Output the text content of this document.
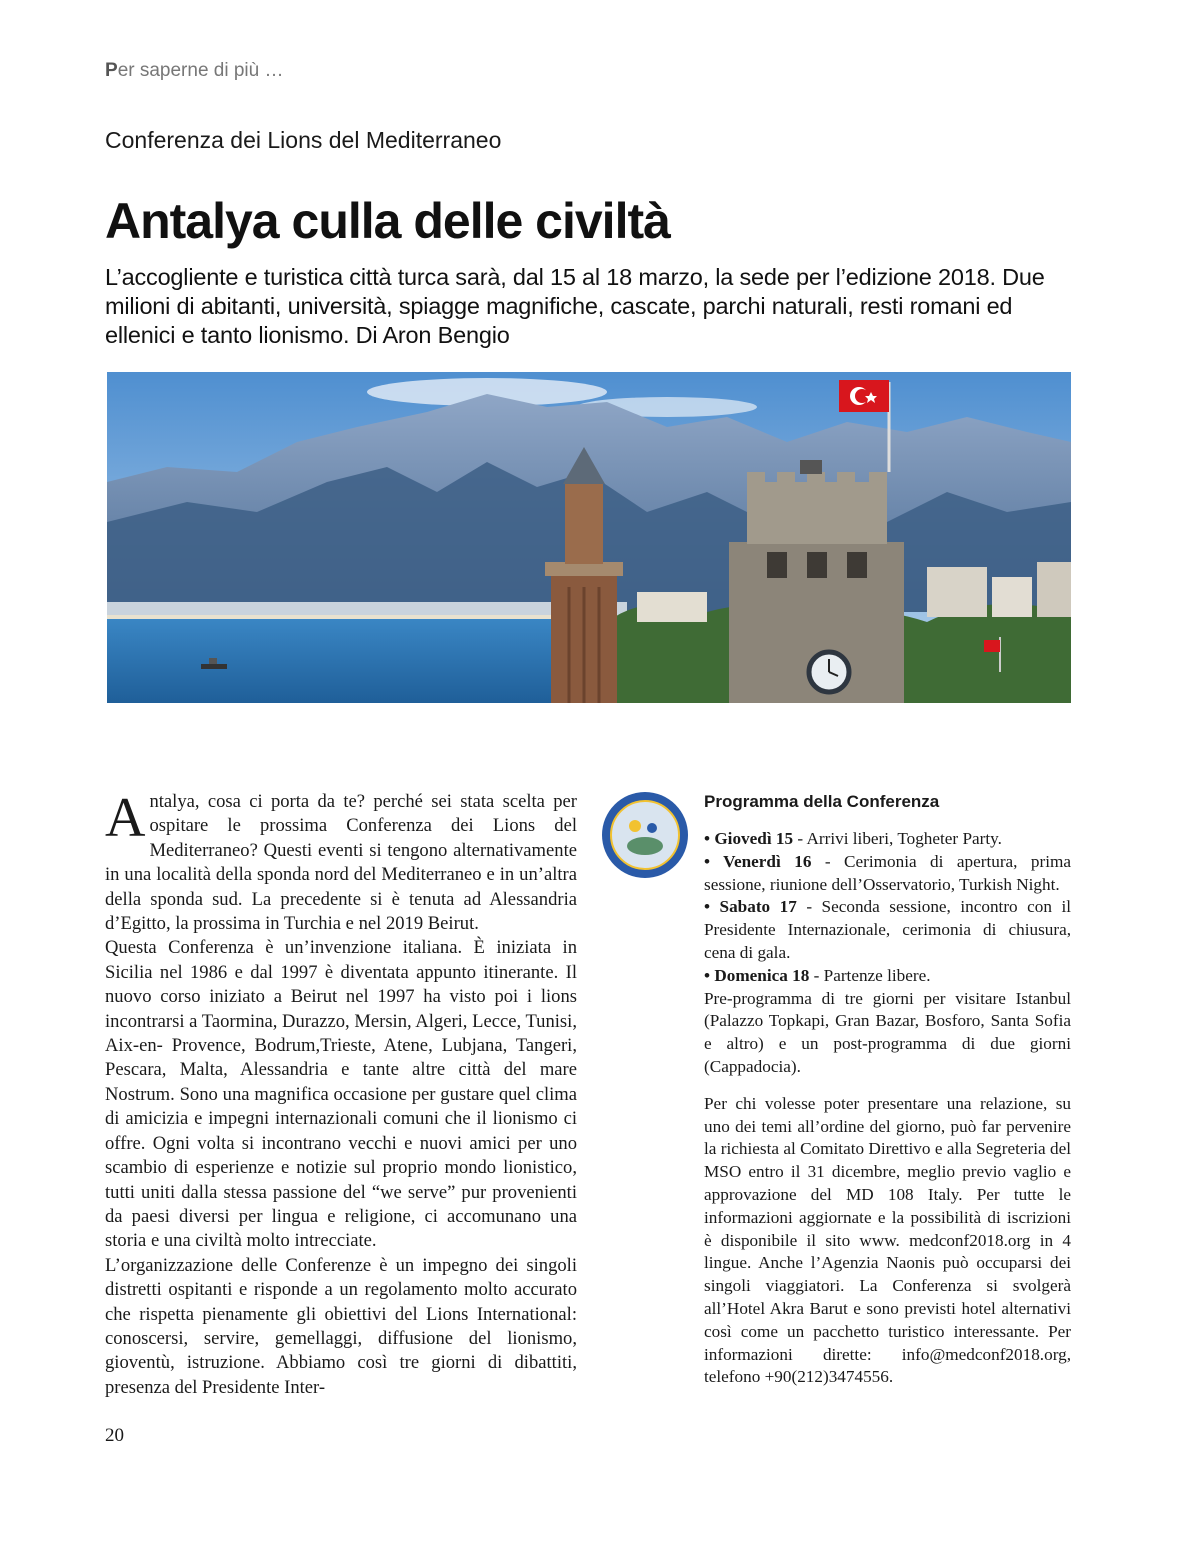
Per saperne di più …
Conferenza dei Lions del Mediterraneo
Antalya culla delle civiltà

L’accogliente e turistica città turca sarà, dal 15 al 18 marzo, la sede per l’edizione 2018. Due milioni di abitanti, università, spiagge magnifiche, cascate, parchi naturali, resti romani ed ellenici e tanto lionismo. Di Aron Bengio

Antalya, cosa ci porta da te? perché sei stata scelta per ospitare le prossima Conferenza dei Lions del Mediterraneo? Questi eventi si tengono alternativamente in una località della sponda nord del Mediterraneo e in un’altra della sponda sud. La precedente si è tenuta ad Alessandria d’Egitto, la prossima in Turchia e nel 2019 Beirut.

Questa Conferenza è un’invenzione italiana. È iniziata in Sicilia nel 1986 e dal 1997 è diventata appunto itinerante. Il nuovo corso iniziato a Beirut nel 1997 ha visto poi i lions incontrarsi a Taormina, Durazzo, Mersin, Algeri, Lecce, Tunisi, Aix-en- Provence, Bodrum,Trieste, Atene, Lubjana, Tangeri, Pescara, Malta, Alessandria e tante altre città del mare Nostrum. Sono una magnifica occasione per gustare quel clima di amicizia e impegni internazionali comuni che il lionismo ci offre. Ogni volta si incontrano vecchi e nuovi amici per uno scambio di esperienze e notizie sul proprio mondo lionistico, tutti uniti dalla stessa passione del “we serve” pur provenienti da paesi diversi per lingua e religione, ci accomunano una storia e una civiltà molto intrecciate.

L’organizzazione delle Conferenze è un impegno dei singoli distretti ospitanti e risponde a un regolamento molto accurato che rispetta pienamente gli obiettivi del Lions International: conoscersi, servire, gemellaggi, diffusione del lionismo, gioventù, istruzione. Abbiamo così tre giorni di dibattiti, presenza del Presidente Inter-

Programma della Conferenza

• Giovedì 15 - Arrivi liberi, Togheter Party.

• Venerdì 16 - Cerimonia di apertura, prima sessione, riunione dell’Osservatorio, Turkish Night.

• Sabato 17 - Seconda sessione, incontro con il Presidente Internazionale, cerimonia di chiusura, cena di gala.

• Domenica 18 - Partenze libere.

Pre-programma di tre giorni per visitare Istanbul (Palazzo Topkapi, Gran Bazar, Bosforo, Santa Sofia e altro) e un post-programma di due giorni (Cappadocia).

Per chi volesse poter presentare una relazione, su uno dei temi all’ordine del giorno, può far pervenire la richiesta al Comitato Direttivo e alla Segreteria del MSO entro il 31 dicembre, meglio previo vaglio e approvazione del MD 108 Italy. Per tutte le informazioni aggiornate e la possibilità di iscrizioni è disponibile il sito www. medconf2018.org in 4 lingue. Anche l’Agenzia Naonis può occuparsi dei singoli viaggiatori. La Conferenza si svolgerà all’Hotel Akra Barut e sono previsti hotel alternativi così come un pacchetto turistico interessante. Per informazioni dirette: info@medconf2018.org, telefono +90(212)3474556.

20
